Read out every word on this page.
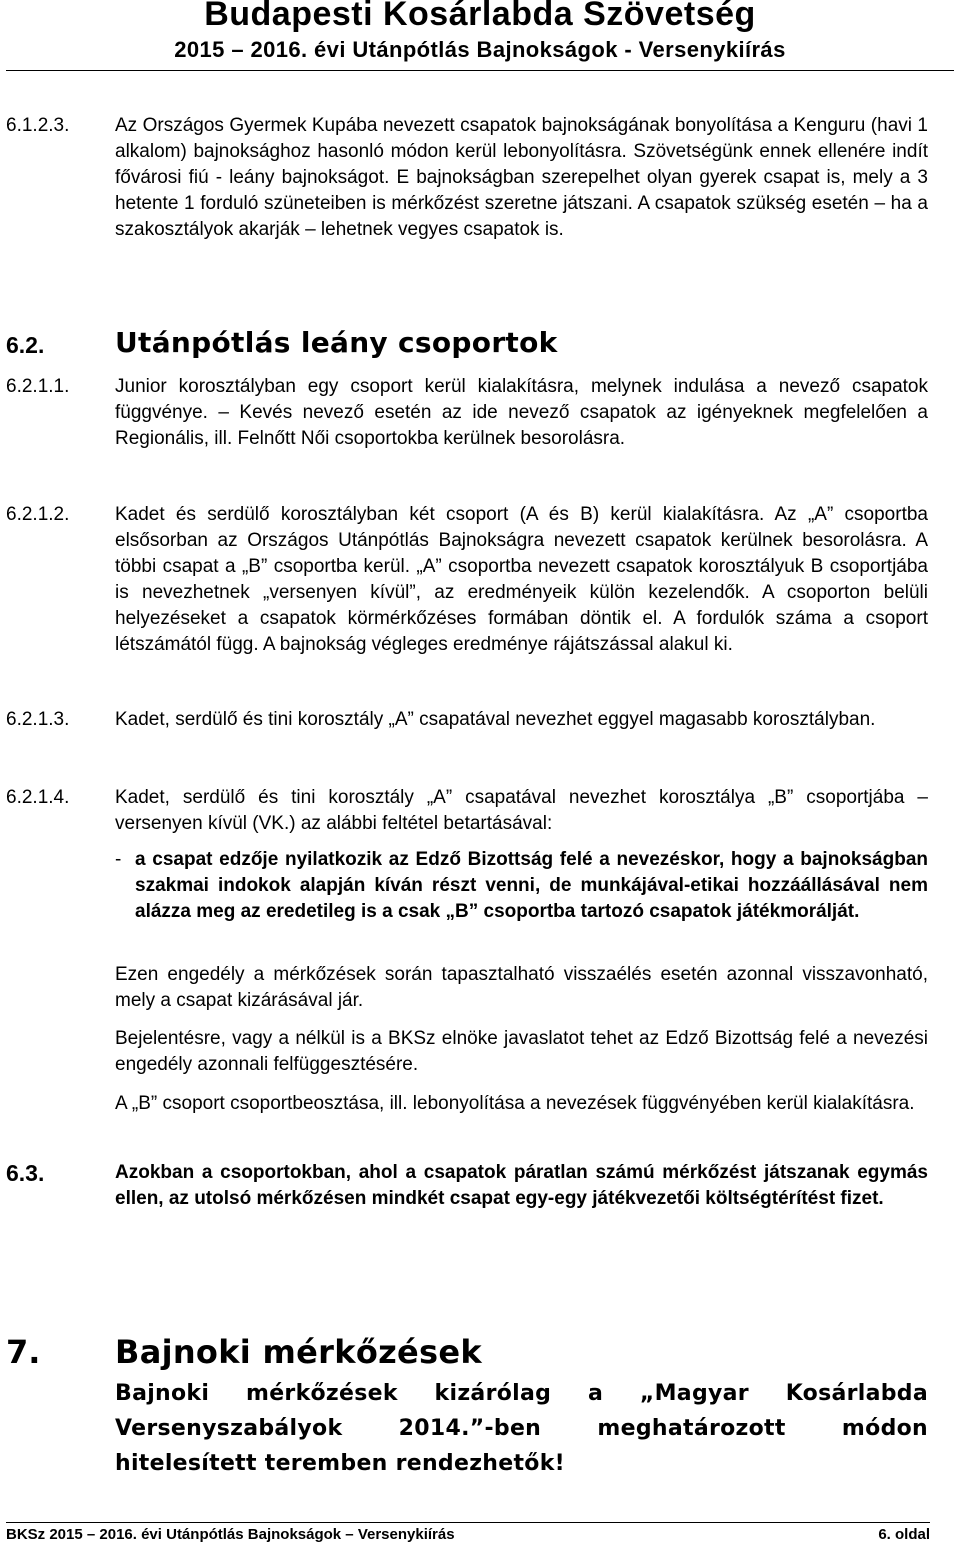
Budapesti Kosárlabda Szövetség
2015 – 2016. évi Utánpótlás Bajnokságok - Versenykiírás
6.1.2.3. Az Országos Gyermek Kupába nevezett csapatok bajnokságának bonyolítása a Kenguru (havi 1 alkalom) bajnoksághoz hasonló módon kerül lebonyolításra. Szövetségünk ennek ellenére indít fővárosi fiú - leány bajnokságot. E bajnokságban szerepelhet olyan gyerek csapat is, mely a 3 hetente 1 forduló szüneteiben is mérkőzést szeretne játszani. A csapatok szükség esetén – ha a szakosztályok akarják – lehetnek vegyes csapatok is.
6.2.	Utánpótlás leány csoportok
6.2.1.1. Junior korosztályban egy csoport kerül kialakításra, melynek indulása a nevező csapatok függvénye. – Kevés nevező esetén az ide nevező csapatok az igényeknek megfelelően a Regionális, ill. Felnőtt Női csoportokba kerülnek besorolásra.
6.2.1.2. Kadet és serdülő korosztályban két csoport (A és B) kerül kialakításra. Az „A” csoportba elsősorban az Országos Utánpótlás Bajnokságra nevezett csapatok kerülnek besorolásra. A többi csapat a „B” csoportba kerül. „A” csoportba nevezett csapatok korosztályuk B csoportjába is nevezhetnek „versenyen kívül”, az eredményeik külön kezelendők. A csoporton belüli helyezéseket a csapatok körmérkőzéses formában döntik el. A fordulók száma a csoport létszámától függ. A bajnokság végleges eredménye rájátszással alakul ki.
6.2.1.3. Kadet, serdülő és tini korosztály „A” csapatával nevezhet eggyel magasabb korosztályban.
6.2.1.4. Kadet, serdülő és tini korosztály „A” csapatával nevezhet korosztálya „B” csoportjába – versenyen kívül (VK.) az alábbi feltétel betartásával:
- a csapat edzője nyilatkozik az Edző Bizottság felé a nevezéskor, hogy a bajnokságban szakmai indokok alapján kíván részt venni, de munkájával-etikai hozzáállásával nem alázza meg az eredetileg is a csak „B” csoportba tartozó csapatok játékmorálját.
Ezen engedély a mérkőzések során tapasztalható visszaélés esetén azonnal visszavonható, mely a csapat kizárásával jár.
Bejelentésre, vagy a nélkül is a BKSz elnöke javaslatot tehet az Edző Bizottság felé a nevezési engedély azonnali felfüggesztésére.
A „B” csoport csoportbeosztása, ill. lebonyolítása a nevezések függvényében kerül kialakításra.
6.3.	Azokban a csoportokban, ahol a csapatok páratlan számú mérkőzést játszanak egymás ellen, az utolsó mérkőzésen mindkét csapat egy-egy játékvezetői költségtérítést fizet.
7. Bajnoki mérkőzések
Bajnoki mérkőzések kizárólag a „Magyar Kosárlabda Versenyszabályok 2014.”-ben meghatározott módon hitelesített teremben rendezhetők!
BKSz 2015 – 2016. évi Utánpótlás Bajnokságok – Versenykiírás	6. oldal
